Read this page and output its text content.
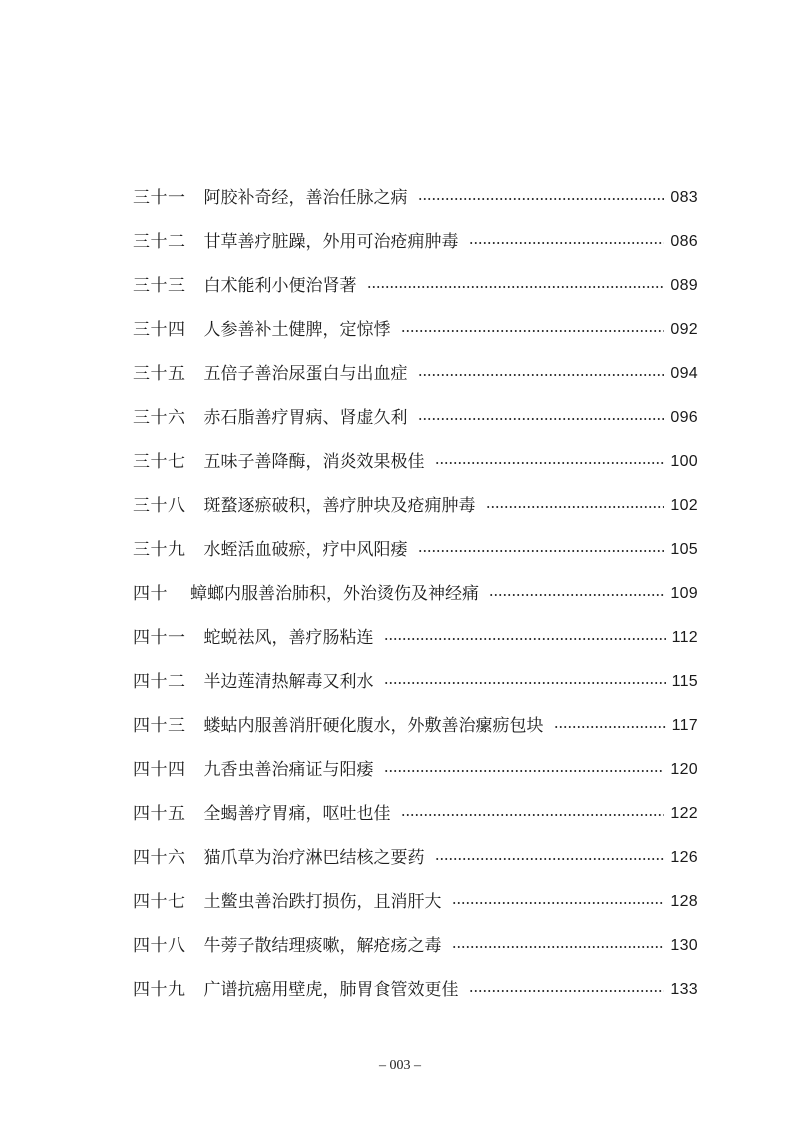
三十一 阿胶补奇经，善治任脉之病	083
三十二 甘草善疗脏躁，外用可治疮痈肿毒	086
三十三 白术能利小便治肾著	089
三十四 人参善补土健脾，定惊悸	092
三十五 五倍子善治尿蛋白与出血症	094
三十六 赤石脂善疗胃病、肾虚久利	096
三十七 五味子善降酶，消炎效果极佳	100
三十八 斑蝥逐瘀破积，善疗肿块及疮痈肿毒	102
三十九 水蛭活血破瘀，疗中风阳痿	105
四十 蟑螂内服善治肺积，外治烫伤及神经痛	109
四十一 蛇蜕祛风，善疗肠粘连	112
四十二 半边莲清热解毒又利水	115
四十三 蝼蛄内服善消肝硬化腹水，外敷善治瘰疬包块	117
四十四 九香虫善治痛证与阳痿	120
四十五 全蝎善疗胃痛，呕吐也佳	122
四十六 猫爪草为治疗淋巴结核之要药	126
四十七 土鳖虫善治跌打损伤，且消肝大	128
四十八 牛蒡子散结理痰嗽，解疮疡之毒	130
四十九 广谱抗癌用壁虎，肺胃食管效更佳	133
– 003 –
